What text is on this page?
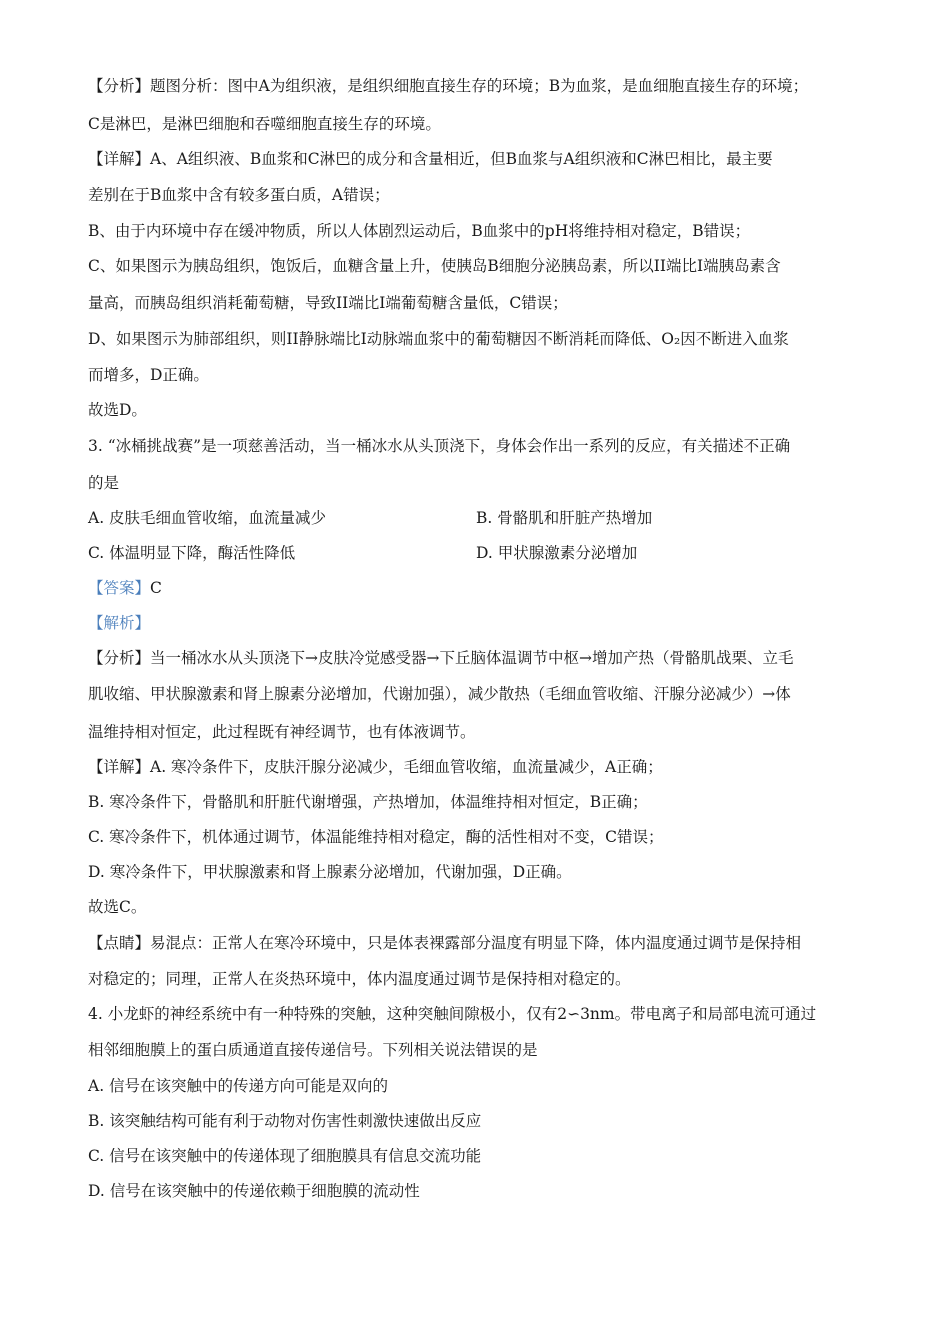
【分析】题图分析：图中A为组织液，是组织细胞直接生存的环境；B为血浆，是血细胞直接生存的环境；
C是淋巴，是淋巴细胞和吞噬细胞直接生存的环境。
【详解】A、A组织液、B血浆和C淋巴的成分和含量相近，但B血浆与A组织液和C淋巴相比，最主要
差别在于B血浆中含有较多蛋白质，A错误；
B、由于内环境中存在缓冲物质，所以人体剧烈运动后，B血浆中的pH将维持相对稳定，B错误；
C、如果图示为胰岛组织，饱饭后，血糖含量上升，使胰岛B细胞分泌胰岛素，所以II端比I端胰岛素含
量高，而胰岛组织消耗葡萄糖，导致II端比I端葡萄糖含量低，C错误；
D、如果图示为肺部组织，则II静脉端比I动脉端血浆中的葡萄糖因不断消耗而降低、O₂因不断进入血浆
而增多，D正确。
故选D。
3. “冰桶挑战赛”是一项慈善活动，当一桶冰水从头顶浇下，身体会作出一系列的反应，有关描述不正确
的是
A. 皮肤毛细血管收缩，血流量减少	B. 骨骼肌和肝脏产热增加
C. 体温明显下降，酶活性降低	D. 甲状腺激素分泌增加
【答案】C
【解析】
【分析】当一桶冰水从头顶浇下→皮肤冷觉感受器→下丘脑体温调节中枢→增加产热（骨骼肌战栗、立毛
肌收缩、甲状腺激素和肾上腺素分泌增加，代谢加强），减少散热（毛细血管收缩、汗腺分泌减少）→体
温维持相对恒定，此过程既有神经调节，也有体液调节。
【详解】A. 寒冷条件下，皮肤汗腺分泌减少，毛细血管收缩，血流量减少，A正确；
B. 寒冷条件下，骨骼肌和肝脏代谢增强，产热增加，体温维持相对恒定，B正确；
C. 寒冷条件下，机体通过调节，体温能维持相对稳定，酶的活性相对不变，C错误；
D. 寒冷条件下，甲状腺激素和肾上腺素分泌增加，代谢加强，D正确。
故选C。
【点睛】易混点：正常人在寒冷环境中，只是体表裸露部分温度有明显下降，体内温度通过调节是保持相
对稳定的；同理，正常人在炎热环境中，体内温度通过调节是保持相对稳定的。
4. 小龙虾的神经系统中有一种特殊的突触，这种突触间隙极小，仅有2∽3nm。带电离子和局部电流可通过
相邻细胞膜上的蛋白质通道直接传递信号。下列相关说法错误的是
A. 信号在该突触中的传递方向可能是双向的
B. 该突触结构可能有利于动物对伤害性刺激快速做出反应
C. 信号在该突触中的传递体现了细胞膜具有信息交流功能
D. 信号在该突触中的传递依赖于细胞膜的流动性
